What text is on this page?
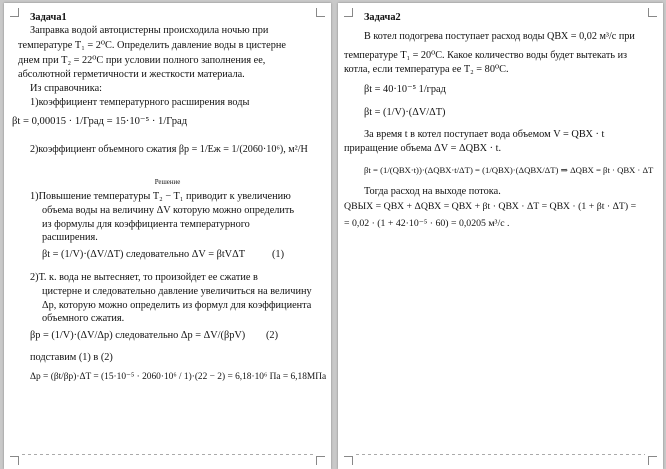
Задача1
Заправка водой автоцистерны происходила ночью при
температуре T₁ = 2⁰C. Определить давление воды в цистерне
днем при T₂ = 22⁰C при условии полного заполнения ее,
абсолютной герметичности и жесткости материала.
Из справочника:
1)коэффициент температурного расширения воды
βt = 0,00015 · 1/Град = 15·10⁻⁵ · 1/Град
2)коэффициент объемного сжатия βp = 1/Eж = 1/(2060·10⁶), м²/Н
Решение
1)Повышение температуры T₂ − T₁ приводит к увеличению
объема воды на величину ΔV которую можно определить
из формулы для коэффициента температурного
расширения.
βt = (1/V)·(ΔV/ΔT) следовательно ΔV = βtVΔT	(1)
2)Т. к. вода не вытесняет, то произойдет ее сжатие в
цистерне и следовательно давление увеличиться на величину
Δp, которую можно определить из формул для коэффициента
объемного сжатия.
βp = (1/V)·(ΔV/Δp) следовательно Δp = ΔV/(βpV) (2)
подставим (1) в (2)
Δp = (βt/βp)·ΔT = (15·10⁻⁵ · 2060·10⁶ / 1)·(22 − 2) = 6,18·10⁶ Па = 6,18МПа
Задача2
В котел подогрева поступает расход воды QВХ = 0,02 м³/с при
температуре T₁ = 20⁰C. Какое количество воды будет вытекать из
котла, если температура ее T₂ = 80⁰C.
βt = 40·10⁻⁵ 1/град
βt = (1/V)·(ΔV/ΔT)
За время t в котел поступает вода объемом V = QВХ · t
приращение объема ΔV = ΔQВХ · t.
βt = (1/(QВХ·t))·(ΔQВХ·t/ΔT) = (1/QВХ)·(ΔQВХ/ΔT) ⇒ ΔQВХ = βt · QВХ · ΔT
Тогда расход на выходе потока.
QВЫХ = QВХ + ΔQВХ = QВХ + βt · QВХ · ΔT = QВХ · (1 + βt · ΔT) =
= 0,02 · (1 + 42·10⁻⁵ · 60) = 0,0205 м³/с .
